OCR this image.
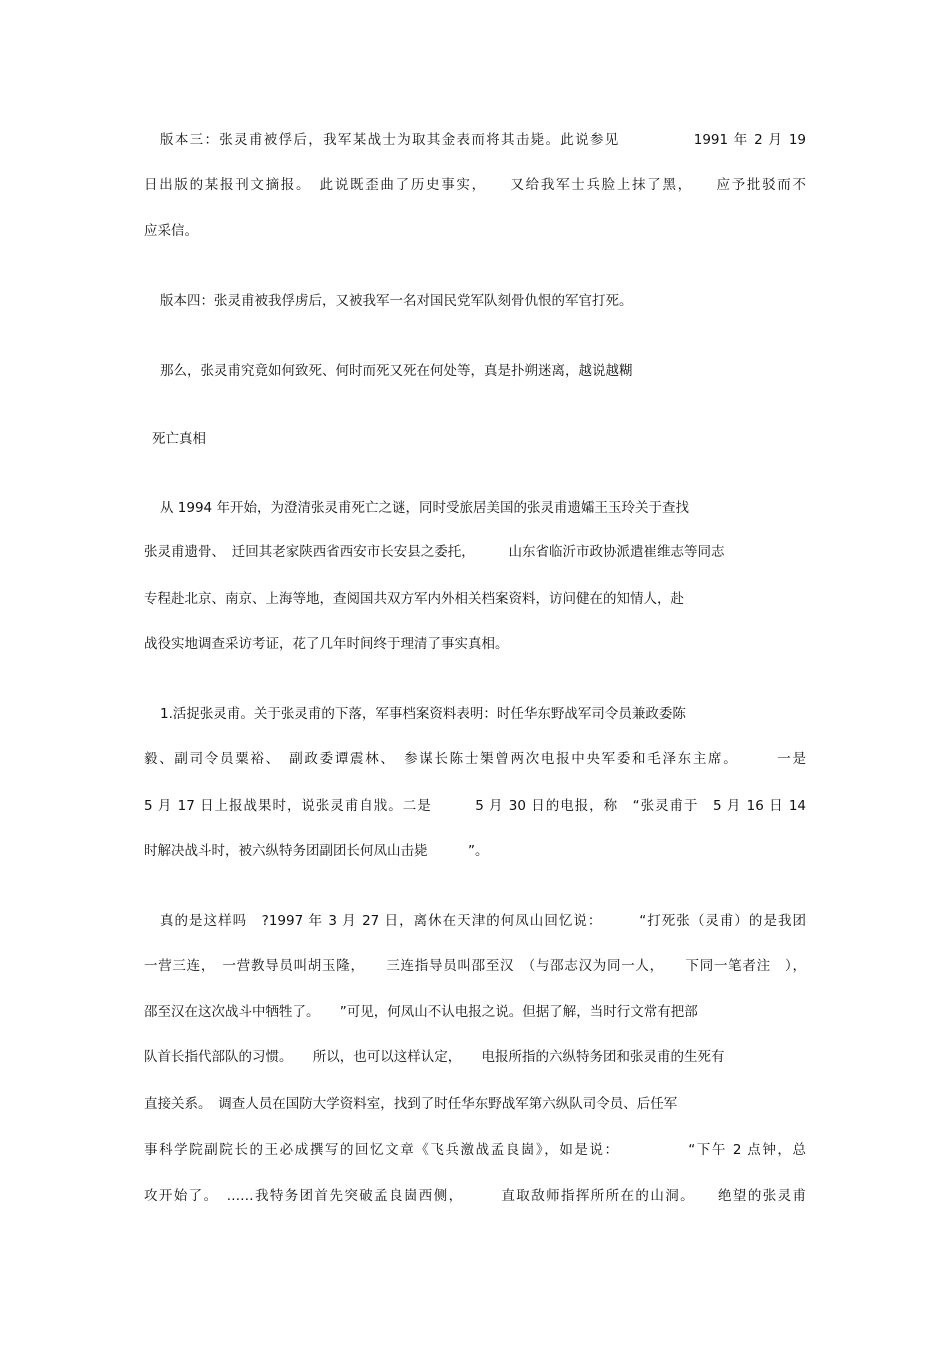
版本三：张灵甫被俘后，我军某战士为取其金表而将其击毙。此说参见　　　　　1991 年 2 月 19
日出版的某报刊文摘报。　此说既歪曲了历史事实，　　又给我军士兵脸上抹了黑，　　应予批驳而不
应采信。
版本四：张灵甫被我俘虏后，又被我军一名对国民党军队刻骨仇恨的军官打死。
那么，张灵甫究竟如何致死、何时而死又死在何处等，真是扑朔迷离，越说越糊
死亡真相
从 1994 年开始，为澄清张灵甫死亡之谜，同时受旅居美国的张灵甫遗孀王玉玲关于查找
张灵甫遗骨、　迁回其老家陕西省西安市长安县之委托，　　　山东省临沂市政协派遣崔维志等同志
专程赴北京、南京、上海等地，查阅国共双方军内外相关档案资料，访问健在的知情人，赴
战役实地调查采访考证，花了几年时间终于理清了事实真相。
1.活捉张灵甫。关于张灵甫的下落，军事档案资料表明：时任华东野战军司令员兼政委陈
毅、副司令员粟裕、　副政委谭震林、　参谋长陈士榘曾两次电报中央军委和毛泽东主席。　　　一是
5 月 17 日上报战果时，说张灵甫自戕。二是　　　5 月 30 日的电报，称　“张灵甫于　5 月 16 日 14
时解决战斗时，被六纵特务团副团长何凤山击毙　　　”。
真的是这样吗　?1997 年 3 月 27 日，离休在天津的何凤山回忆说：　　　“打死张（灵甫）的是我团
一营三连，　一营教导员叫胡玉隆，　　三连指导员叫邵至汉　（与邵志汉为同一人，　　下同一笔者注　），
邵至汉在这次战斗中牺牲了。　　”可见，何凤山不认电报之说。但据了解，当时行文常有把部
队首长指代部队的习惯。　　所以，也可以这样认定，　　电报所指的六纵特务团和张灵甫的生死有
直接关系。　调查人员在国防大学资料室，找到了时任华东野战军第六纵队司令员、后任军
事科学院副院长的王必成撰写的回忆文章《飞兵激战孟良崮》，如是说：　　　　　“下午 2 点钟，总
攻开始了。　……我特务团首先突破孟良崮西侧，　　　直取敌师指挥所所在的山洞。　　绝望的张灵甫
